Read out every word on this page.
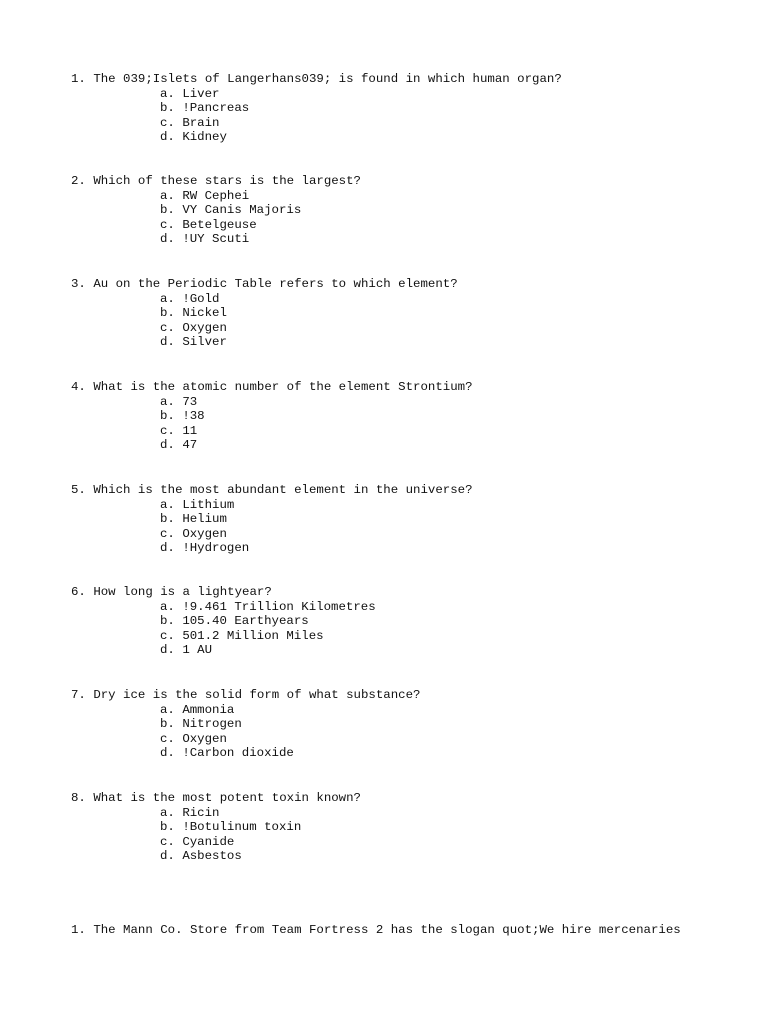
1. The 039;Islets of Langerhans039; is found in which human organ?
a. Liver
b. !Pancreas
c. Brain
d. Kidney
2. Which of these stars is the largest?
a. RW Cephei
b. VY Canis Majoris
c. Betelgeuse
d. !UY Scuti
3. Au on the Periodic Table refers to which element?
a. !Gold
b. Nickel
c. Oxygen
d. Silver
4. What is the atomic number of the element Strontium?
a. 73
b. !38
c. 11
d. 47
5. Which is the most abundant element in the universe?
a. Lithium
b. Helium
c. Oxygen
d. !Hydrogen
6. How long is a lightyear?
a. !9.461 Trillion Kilometres
b. 105.40 Earthyears
c. 501.2 Million Miles
d. 1 AU
7. Dry ice is the solid form of what substance?
a. Ammonia
b. Nitrogen
c. Oxygen
d. !Carbon dioxide
8. What is the most potent toxin known?
a. Ricin
b. !Botulinum toxin
c. Cyanide
d. Asbestos
1. The Mann Co. Store from Team Fortress 2 has the slogan quot;We hire mercenaries
